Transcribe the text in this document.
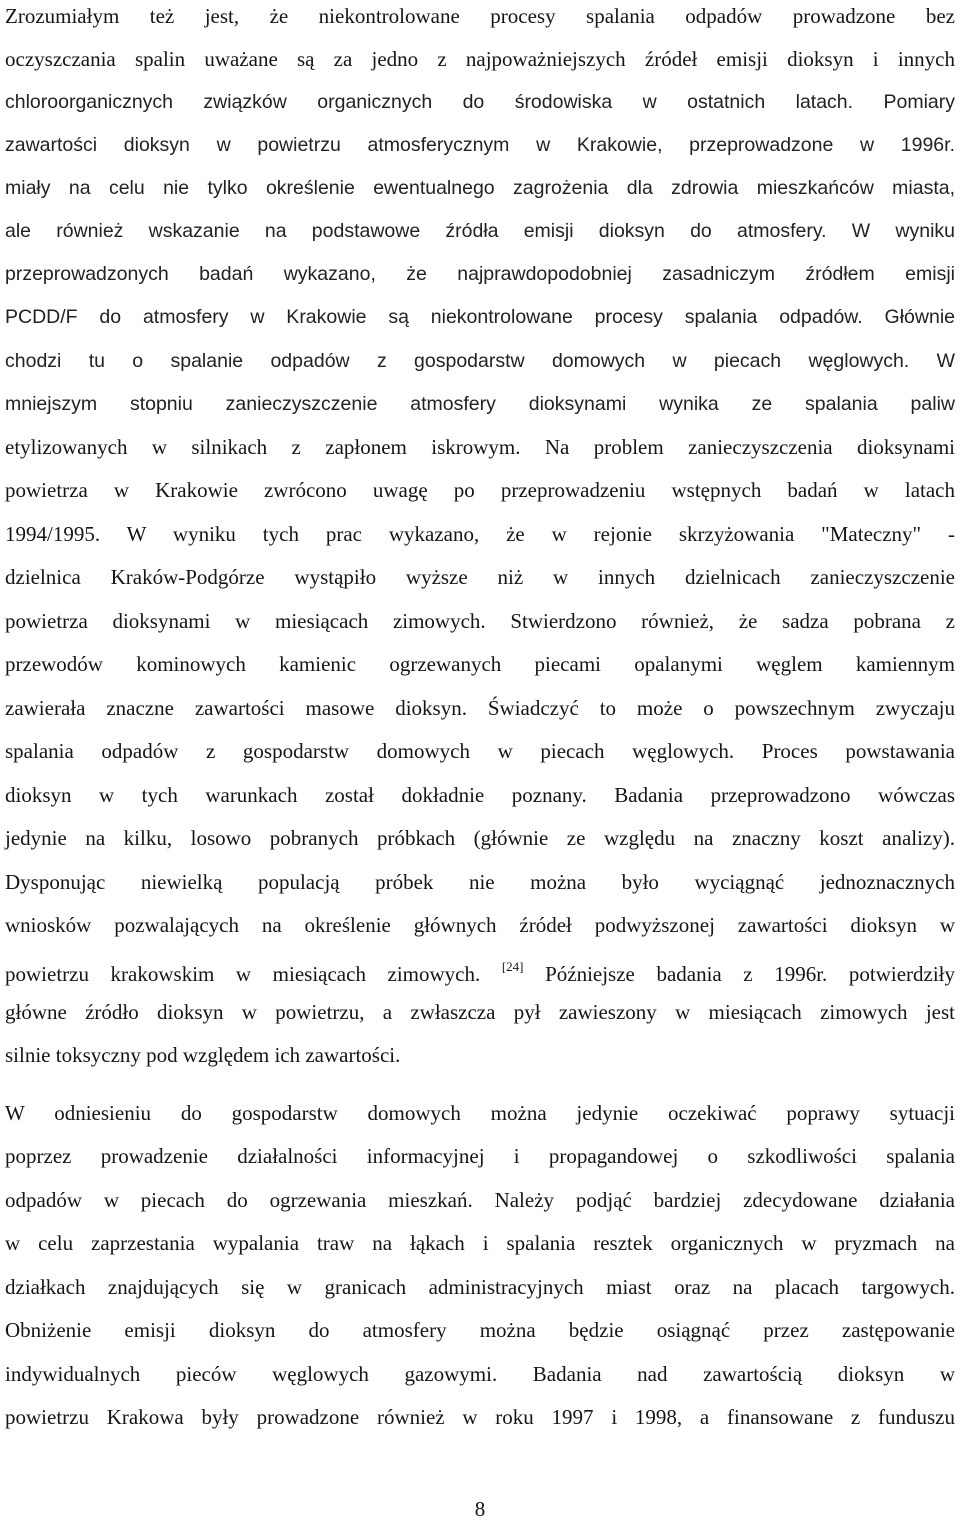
Zrozumiałym też jest, że niekontrolowane procesy spalania odpadów prowadzone bez
oczyszczania spalin uważane są za jedno z najpoważniejszych źródeł emisji dioksyn i innych
chloroorganicznych związków organicznych do środowiska w ostatnich latach. Pomiary
zawartości dioksyn w powietrzu atmosferycznym w Krakowie, przeprowadzone w 1996r.
miały na celu nie tylko określenie ewentualnego zagrożenia dla zdrowia mieszkańców miasta,
ale również wskazanie na podstawowe źródła emisji dioksyn do atmosfery. W wyniku
przeprowadzonych badań wykazano, że najprawdopodobniej zasadniczym źródłem emisji
PCDD/F do atmosfery w Krakowie są niekontrolowane procesy spalania odpadów. Głównie
chodzi tu o spalanie odpadów z gospodarstw domowych w piecach węglowych. W
mniejszym stopniu zanieczyszczenie atmosfery dioksynami wynika ze spalania paliw
etylizowanych w silnikach z zapłonem iskrowym. Na problem zanieczyszczenia dioksynami
powietrza w Krakowie zwrócono uwagę po przeprowadzeniu wstępnych badań w latach
1994/1995. W wyniku tych prac wykazano, że w rejonie skrzyżowania "Mateczny" -
dzielnica Kraków-Podgórze wystąpiło wyższe niż w innych dzielnicach zanieczyszczenie
powietrza dioksynami w miesiącach zimowych. Stwierdzono również, że sadza pobrana z
przewodów kominowych kamienic ogrzewanych piecami opalanymi węglem kamiennym
zawierała znaczne zawartości masowe dioksyn. Świadczyć to może o powszechnym zwyczaju
spalania odpadów z gospodarstw domowych w piecach węglowych. Proces powstawania
dioksyn w tych warunkach został dokładnie poznany. Badania przeprowadzono wówczas
jedynie na kilku, losowo pobranych próbkach (głównie ze względu na znaczny koszt analizy).
Dysponując niewielką populacją próbek nie można było wyciągnąć jednoznacznych
wniosków pozwalających na określenie głównych źródeł podwyższonej zawartości dioksyn w
powietrzu krakowskim w miesiącach zimowych. [24] Późniejsze badania z 1996r. potwierdziły
główne źródło dioksyn w powietrzu, a zwłaszcza pył zawieszony w miesiącach zimowych jest
silnie toksyczny pod względem ich zawartości.
W odniesieniu do gospodarstw domowych można jedynie oczekiwać poprawy sytuacji
poprzez prowadzenie działalności informacyjnej i propagandowej o szkodliwości spalania
odpadów w piecach do ogrzewania mieszkań. Należy podjąć bardziej zdecydowane działania
w celu zaprzestania wypalania traw na łąkach i spalania resztek organicznych w pryzmach na
działkach znajdujących się w granicach administracyjnych miast oraz na placach targowych.
Obniżenie emisji dioksyn do atmosfery można będzie osiągnąć przez zastępowanie
indywidualnych pieców węglowych gazowymi. Badania nad zawartością dioksyn w
powietrzu Krakowa były prowadzone również w roku 1997 i 1998, a finansowane z funduszu
8
